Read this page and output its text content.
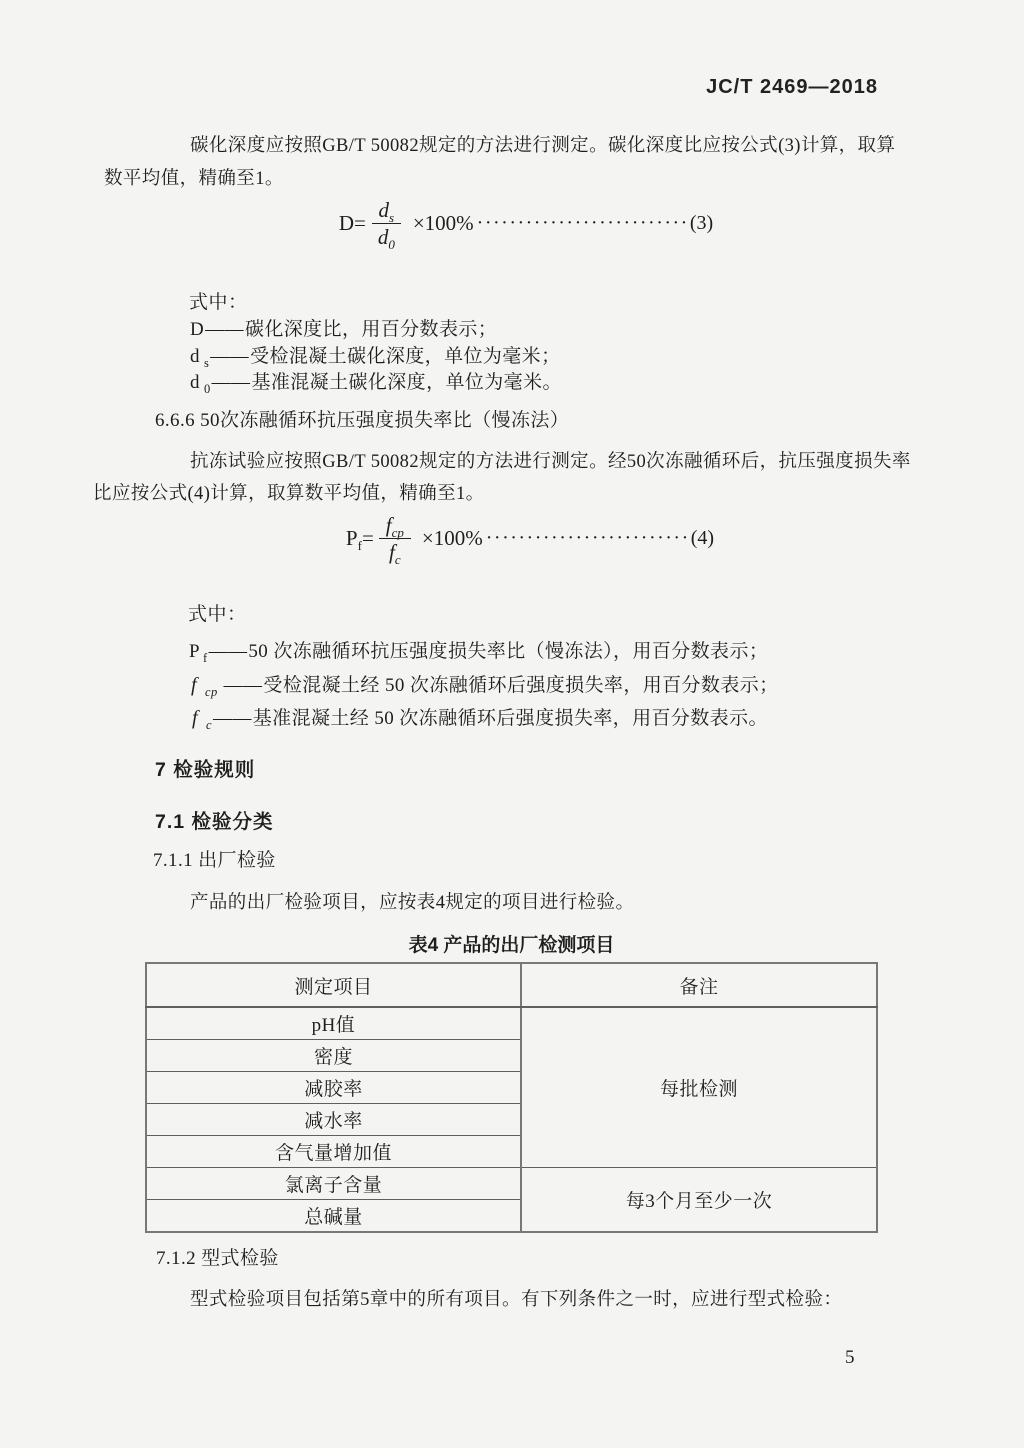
JC/T 2469—2018
碳化深度应按照GB/T 50082规定的方法进行测定。碳化深度比应按公式(3)计算，取算
数平均值，精确至1。
$D= \frac{d_s}{d_0} \times 100\%$ ·························· (3)
式中：
D——碳化深度比，用百分数表示；
d $_s$——受检混凝土碳化深度，单位为毫米；
d $_0$——基准混凝土碳化深度，单位为毫米。
6.6.6 50次冻融循环抗压强度损失率比（慢冻法）
抗冻试验应按照GB/T 50082规定的方法进行测定。经50次冻融循环后，抗压强度损失率
比应按公式(4)计算，取算数平均值，精确至1。
$P_f= \frac{f_{cp}}{f_c} \times 100\%$ ························· (4)
式中：
P $_f$——50 次冻融循环抗压强度损失率比（慢冻法），用百分数表示；
f $_{cp}$ ——受检混凝土经 50 次冻融循环后强度损失率，用百分数表示；
f $_c$——基准混凝土经 50 次冻融循环后强度损失率，用百分数表示。
7 检验规则
7.1 检验分类
7.1.1 出厂检验
产品的出厂检验项目，应按表4规定的项目进行检验。
表4 产品的出厂检测项目
测定项目	备注
pH值	每批检测
密度	
减胶率	
减水率	
含气量增加值	
氯离子含量	每3个月至少一次
总碱量	
7.1.2 型式检验
型式检验项目包括第5章中的所有项目。有下列条件之一时，应进行型式检验：
5
